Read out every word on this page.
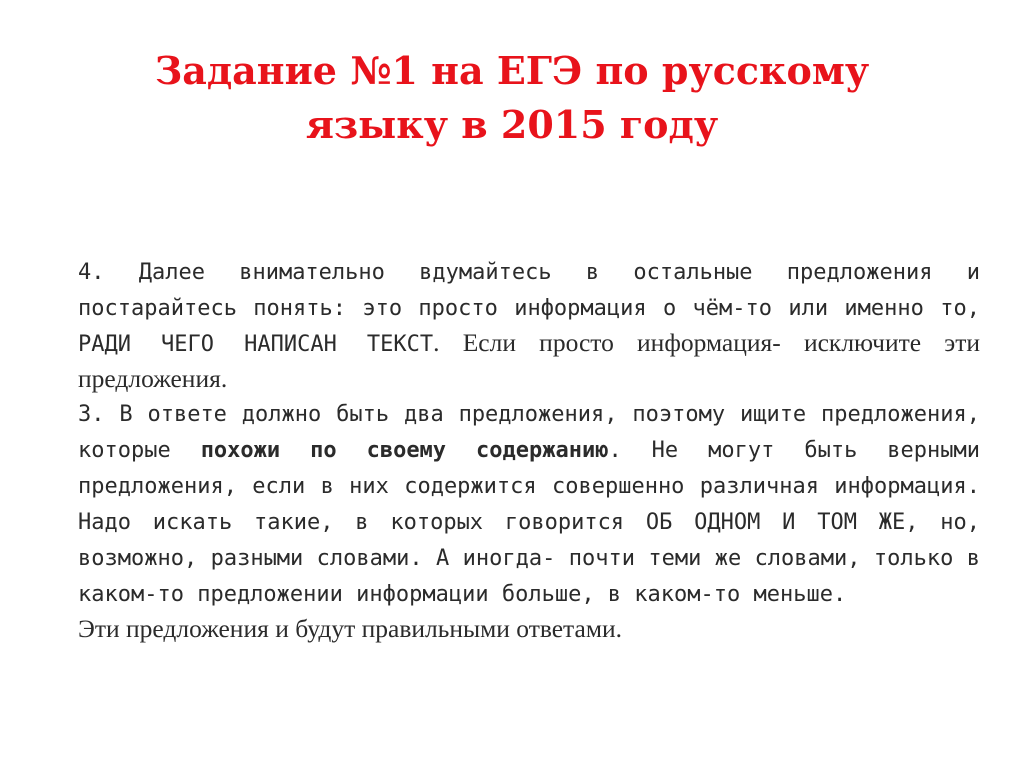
Задание №1 на ЕГЭ по русскому
языку в 2015 году

4. Далее внимательно вдумайтесь в остальные предложения и постарайтесь понять: это просто информация о чём-то или именно то, РАДИ ЧЕГО НАПИСАН ТЕКСТ. Если просто информация- исключите эти предложения.

3. В ответе должно быть два предложения, поэтому ищите предложения, которые похожи по своему содержанию. Не могут быть верными предложения, если в них содержится совершенно различная информация. Надо искать такие, в которых говорится ОБ ОДНОМ И ТОМ ЖЕ, но, возможно, разными словами. А иногда- почти теми же словами, только в каком-то предложении информации больше, в каком-то меньше.

Эти предложения и будут правильными ответами.
